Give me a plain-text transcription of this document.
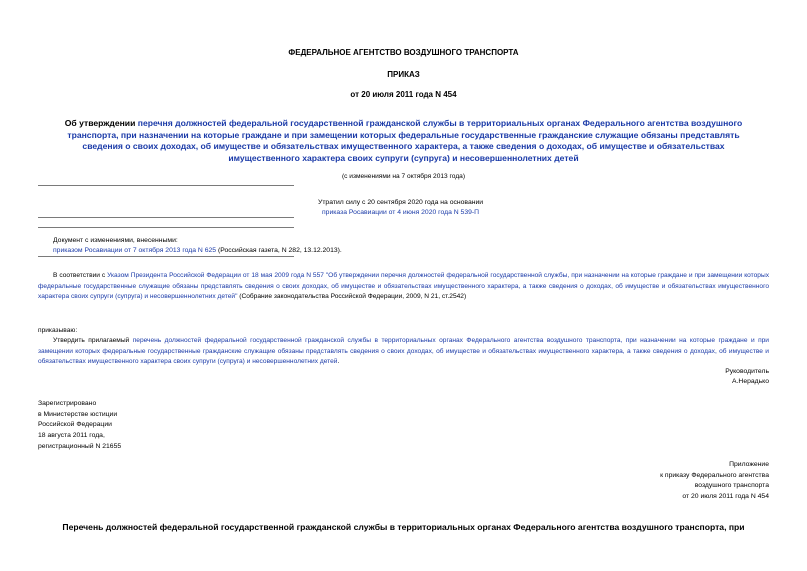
ФЕДЕРАЛЬНОЕ АГЕНТСТВО ВОЗДУШНОГО ТРАНСПОРТА
ПРИКАЗ
от 20 июля 2011 года N 454
Об утверждении перечня должностей федеральной государственной гражданской службы в территориальных органах Федерального агентства воздушного транспорта, при назначении на которые граждане и при замещении которых федеральные государственные гражданские служащие обязаны представлять сведения о своих доходах, об имуществе и обязательствах имущественного характера, а также сведения о доходах, об имуществе и обязательствах имущественного характера своих супруги (супруга) и несовершеннолетних детей
(с изменениями на 7 октября 2013 года)
Утратил силу с 20 сентября 2020 года на основании
приказа Росавиации от 4 июня 2020 года N 539-П
Документ с изменениями, внесенными:
приказом Росавиации от 7 октября 2013 года N 625 (Российская газета, N 282, 13.12.2013).
В соответствии с Указом Президента Российской Федерации от 18 мая 2009 года N 557 "Об утверждении перечня должностей федеральной государственной службы, при назначении на которые граждане и при замещении которых федеральные государственные служащие обязаны представлять сведения о своих доходах, об имуществе и обязательствах имущественного характера, а также сведения о доходах, об имуществе и обязательствах имущественного характера своих супруги (супруга) и несовершеннолетних детей" (Собрание законодательства Российской Федерации, 2009, N 21, ст.2542)
приказываю:
Утвердить прилагаемый перечень должностей федеральной государственной гражданской службы в территориальных органах Федерального агентства воздушного транспорта, при назначении на которые граждане и при замещении которых федеральные государственные гражданские служащие обязаны представлять сведения о своих доходах, об имуществе и обязательствах имущественного характера, а также сведения о доходах, об имуществе и обязательствах имущественного характера своих супруги (супруга) и несовершеннолетних детей.
Руководитель
А.Нерадько
Зарегистрировано
в Министерстве юстиции
Российской Федерации
18 августа 2011 года,
регистрационный N 21655
Приложение
к приказу Федерального агентства
воздушного транспорта
от 20 июля 2011 года N 454
Перечень должностей федеральной государственной гражданской службы в территориальных органах Федерального агентства воздушного транспорта, при
